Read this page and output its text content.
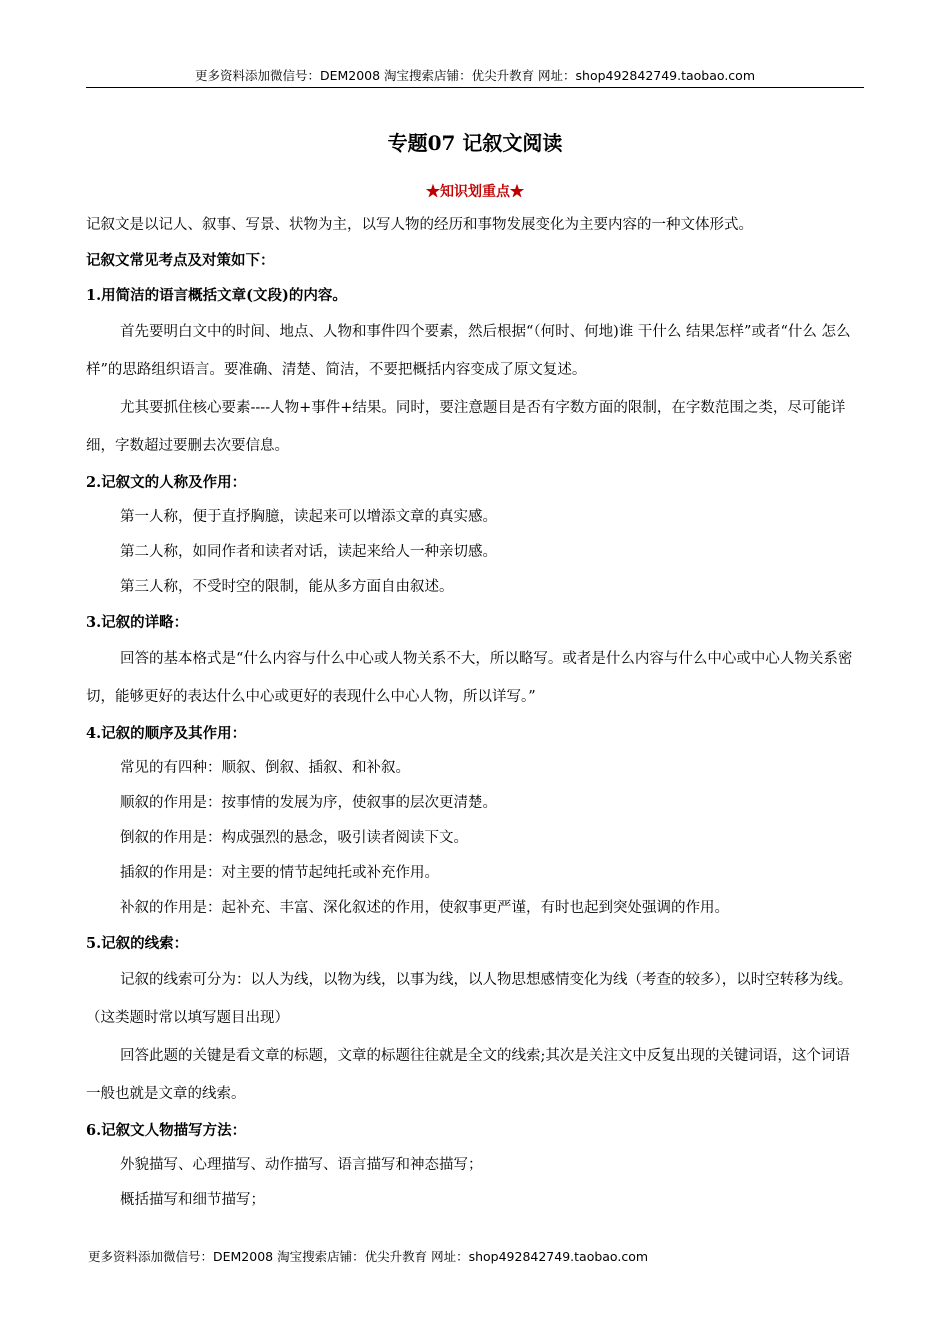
更多资料添加微信号：DEM2008 淘宝搜索店铺：优尖升教育 网址：shop492842749.taobao.com
专题07 记叙文阅读
★知识划重点★

记叙文是以记人、叙事、写景、状物为主，以写人物的经历和事物发展变化为主要内容的一种文体形式。

记叙文常见考点及对策如下：

1.用简洁的语言概括文章(文段)的内容。

首先要明白文中的时间、地点、人物和事件四个要素，然后根据“（何时、何地)谁 干什么 结果怎样”或者“什么 怎么样”的思路组织语言。要准确、清楚、简洁，不要把概括内容变成了原文复述。

尤其要抓住核心要素----人物+事件+结果。同时，要注意题目是否有字数方面的限制，在字数范围之类，尽可能详细，字数超过要删去次要信息。

2.记叙文的人称及作用：

第一人称，便于直抒胸臆，读起来可以增添文章的真实感。

第二人称，如同作者和读者对话，读起来给人一种亲切感。

第三人称，不受时空的限制，能从多方面自由叙述。

3.记叙的详略：

回答的基本格式是“什么内容与什么中心或人物关系不大，所以略写。或者是什么内容与什么中心或中心人物关系密切，能够更好的表达什么中心或更好的表现什么中心人物，所以详写。”

4.记叙的顺序及其作用：

常见的有四种：顺叙、倒叙、插叙、和补叙。

顺叙的作用是：按事情的发展为序，使叙事的层次更清楚。

倒叙的作用是：构成强烈的悬念，吸引读者阅读下文。

插叙的作用是：对主要的情节起纯托或补充作用。

补叙的作用是：起补充、丰富、深化叙述的作用，使叙事更严谨，有时也起到突处强调的作用。

5.记叙的线索：

记叙的线索可分为：以人为线，以物为线，以事为线，以人物思想感情变化为线（考查的较多），以时空转移为线。（这类题时常以填写题目出现）

回答此题的关键是看文章的标题，文章的标题往往就是全文的线索;其次是关注文中反复出现的关键词语，这个词语一般也就是文章的线索。

6.记叙文人物描写方法：

外貌描写、心理描写、动作描写、语言描写和神态描写；

概括描写和细节描写；

更多资料添加微信号：DEM2008 淘宝搜索店铺：优尖升教育 网址：shop492842749.taobao.com
